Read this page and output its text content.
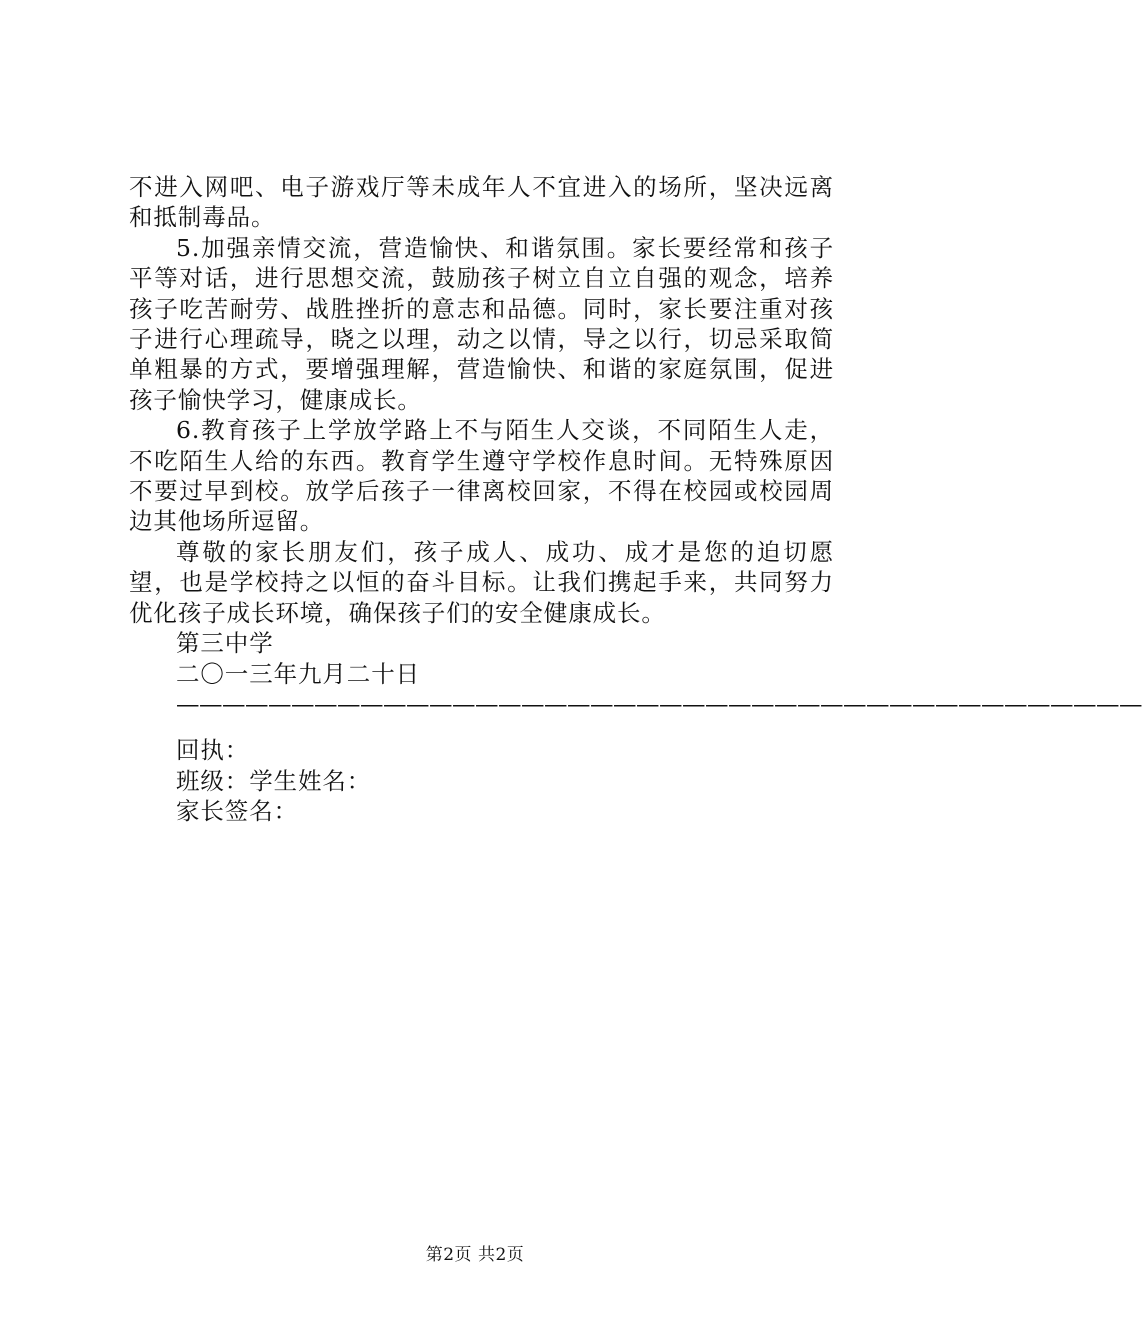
不进入网吧、电子游戏厅等未成年人不宜进入的场所，坚决远离和抵制毒品。

5.加强亲情交流，营造愉快、和谐氛围。家长要经常和孩子平等对话，进行思想交流，鼓励孩子树立自立自强的观念，培养孩子吃苦耐劳、战胜挫折的意志和品德。同时，家长要注重对孩子进行心理疏导，晓之以理，动之以情，导之以行，切忌采取简单粗暴的方式，要增强理解，营造愉快、和谐的家庭氛围，促进孩子愉快学习，健康成长。

6.教育孩子上学放学路上不与陌生人交谈，不同陌生人走，不吃陌生人给的东西。教育学生遵守学校作息时间。无特殊原因不要过早到校。放学后孩子一律离校回家，不得在校园或校园周边其他场所逗留。

尊敬的家长朋友们，孩子成人、成功、成才是您的迫切愿望，也是学校持之以恒的奋斗目标。让我们携起手来，共同努力优化孩子成长环境，确保孩子们的安全健康成长。

第三中学

二〇一三年九月二十日

——————————————————————————————————————————

回执：

班级：学生姓名：

家长签名：

第2页 共2页
